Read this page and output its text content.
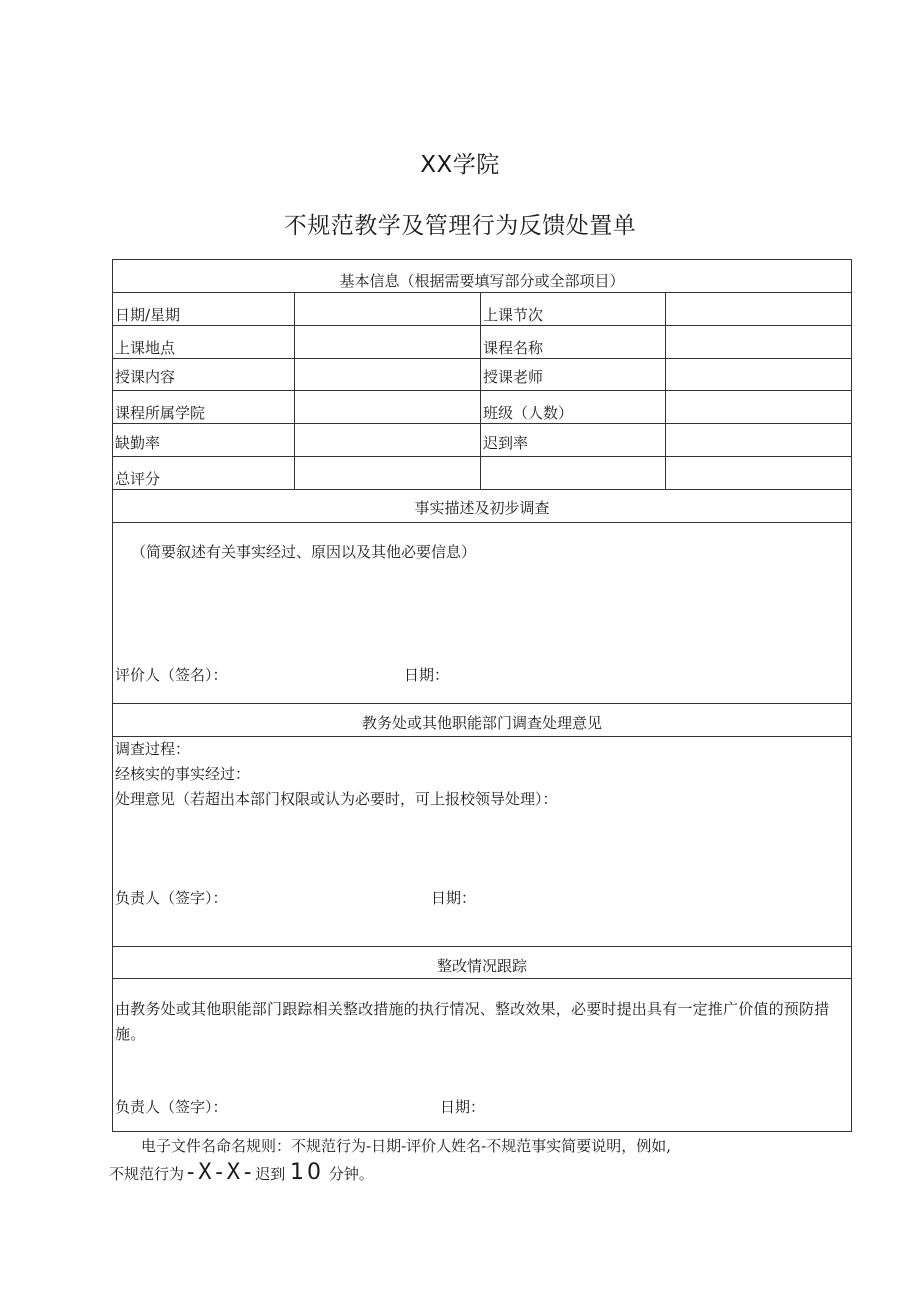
XX学院
不规范教学及管理行为反馈处置单
基本信息（根据需要填写部分或全部项目）
日期/星期	上课节次
上课地点	课程名称
授课内容	授课老师
课程所属学院	班级（人数）
缺勤率	迟到率
总评分
事实描述及初步调查
（简要叙述有关事实经过、原因以及其他必要信息）
评价人（签名）：	日期：
教务处或其他职能部门调查处理意见
调查过程：
经核实的事实经过：
处理意见（若超出本部门权限或认为必要时，可上报校领导处理）：
负责人（签字）：	日期：
整改情况跟踪
由教务处或其他职能部门跟踪相关整改措施的执行情况、整改效果，必要时提出具有一定推广价值的预防措施。
负责人（签字）：	日期：
电子文件名命名规则：不规范行为-日期-评价人姓名-不规范事实简要说明，例如,
不规范行为-X-X-迟到 10 分钟。
